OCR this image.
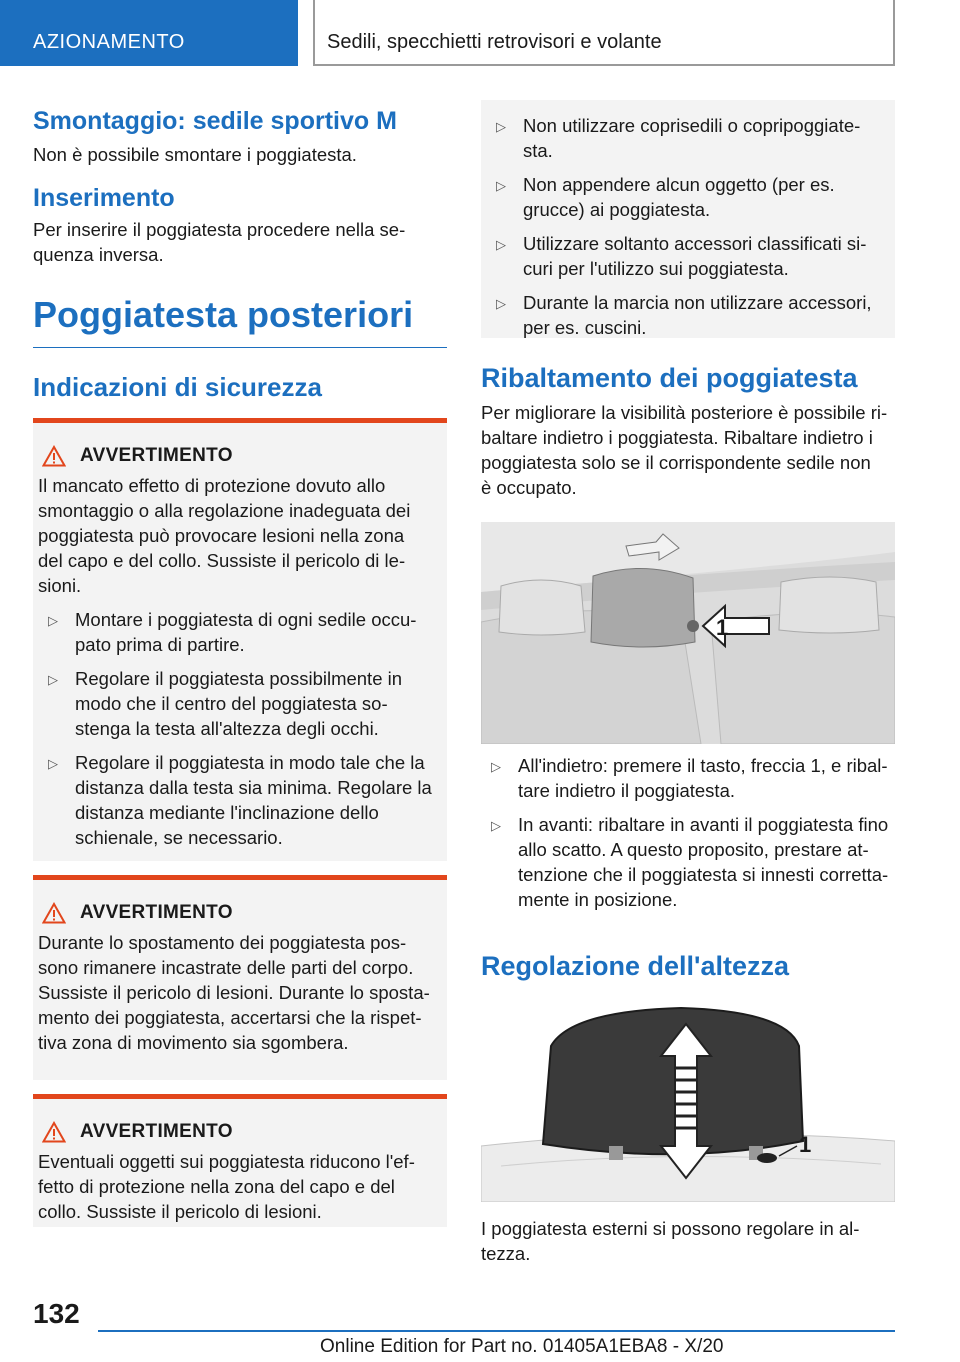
AZIONAMENTO	Sedili, specchietti retrovisori e volante
Smontaggio: sedile sportivo M

Non è possibile smontare i poggiatesta.

Inserimento

Per inserire il poggiatesta procedere nella se-

quenza inversa.

Poggiatesta posteriori
Indicazioni di sicurezza
AVVERTIMENTO

Il mancato effetto di protezione dovuto allo

smontaggio o alla regolazione inadeguata dei

poggiatesta può provocare lesioni nella zona

del capo e del collo. Sussiste il pericolo di le-

sioni.

▷ Montare i poggiatesta di ogni sedile occu-
pato prima di partire.
▷ Regolare il poggiatesta possibilmente in
modo che il centro del poggiatesta so-
stenga la testa all'altezza degli occhi.
▷ Regolare il poggiatesta in modo tale che la
distanza dalla testa sia minima. Regolare la
distanza mediante l'inclinazione dello
schienale, se necessario.
AVVERTIMENTO

Durante lo spostamento dei poggiatesta pos-

sono rimanere incastrate delle parti del corpo.

Sussiste il pericolo di lesioni. Durante lo sposta-

mento dei poggiatesta, accertarsi che la rispet-

tiva zona di movimento sia sgombera.

AVVERTIMENTO

Eventuali oggetti sui poggiatesta riducono l'ef-

fetto di protezione nella zona del capo e del

collo. Sussiste il pericolo di lesioni.

▷ Non utilizzare coprisedili o copripoggiate-
sta.
▷ Non appendere alcun oggetto (per es.
grucce) ai poggiatesta.
▷ Utilizzare soltanto accessori classificati si-
curi per l'utilizzo sui poggiatesta.
▷ Durante la marcia non utilizzare accessori,
per es. cuscini.
Ribaltamento dei poggiatesta

Per migliorare la visibilità posteriore è possibile ri-

baltare indietro i poggiatesta. Ribaltare indietro i

poggiatesta solo se il corrispondente sedile non

è occupato.

1
▷ All'indietro: premere il tasto, freccia 1, e ribal-
tare indietro il poggiatesta.
▷ In avanti: ribaltare in avanti il poggiatesta fino
allo scatto. A questo proposito, prestare at-
tenzione che il poggiatesta si innesti corretta-
mente in posizione.
Regolazione dell'altezza
1

I poggiatesta esterni si possono regolare in al-

tezza.

132
Online Edition for Part no. 01405A1EBA8 - X/20
